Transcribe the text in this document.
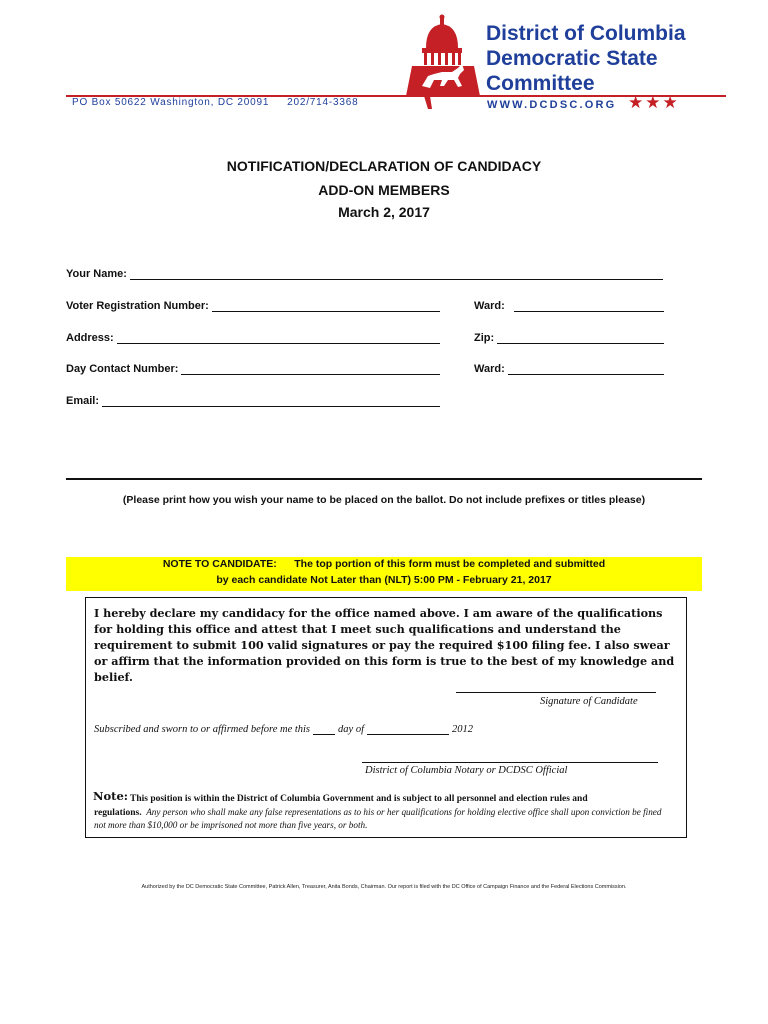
District of Columbia
Democratic State
Committee
PO Box 50622 Washington, DC 20091     202/714-3368	WWW.DCDSC.ORG ★★★
NOTIFICATION/DECLARATION OF CANDIDACY
ADD-ON MEMBERS
March 2, 2017
Your Name:
Voter Registration Number:	Ward:
Address:	Zip:
Day Contact Number:	Ward:
Email:
(Please print how you wish your name to be placed on the ballot. Do not include prefixes or titles please)
NOTE TO CANDIDATE:      The top portion of this form must be completed and submitted
by each candidate Not Later than (NLT) 5:00 PM - February 21, 2017
I hereby declare my candidacy for the office named above. I am aware of the qualifications for holding this office and attest that I meet such qualifications and understand the requirement to submit 100 valid signatures or pay the required $100 filing fee. I also swear or affirm that the information provided on this form is true to the best of my knowledge and belief.
Signature of Candidate
Subscribed and sworn to or affirmed before me this	day of	2012
District of Columbia Notary or DCDSC Official
Note: This position is within the District of Columbia Government and is subject to all personnel and election rules and
regulations. Any person who shall make any false representations as to his or her qualifications for holding elective office shall upon conviction be fined not more than $10,000 or be imprisoned not more than five years, or both.
Authorized by the DC Democratic State Committee, Patrick Allen, Treasurer, Anita Bonds, Chairman. Our report is filed with the DC Office of Campaign Finance and the Federal Elections Commission.
